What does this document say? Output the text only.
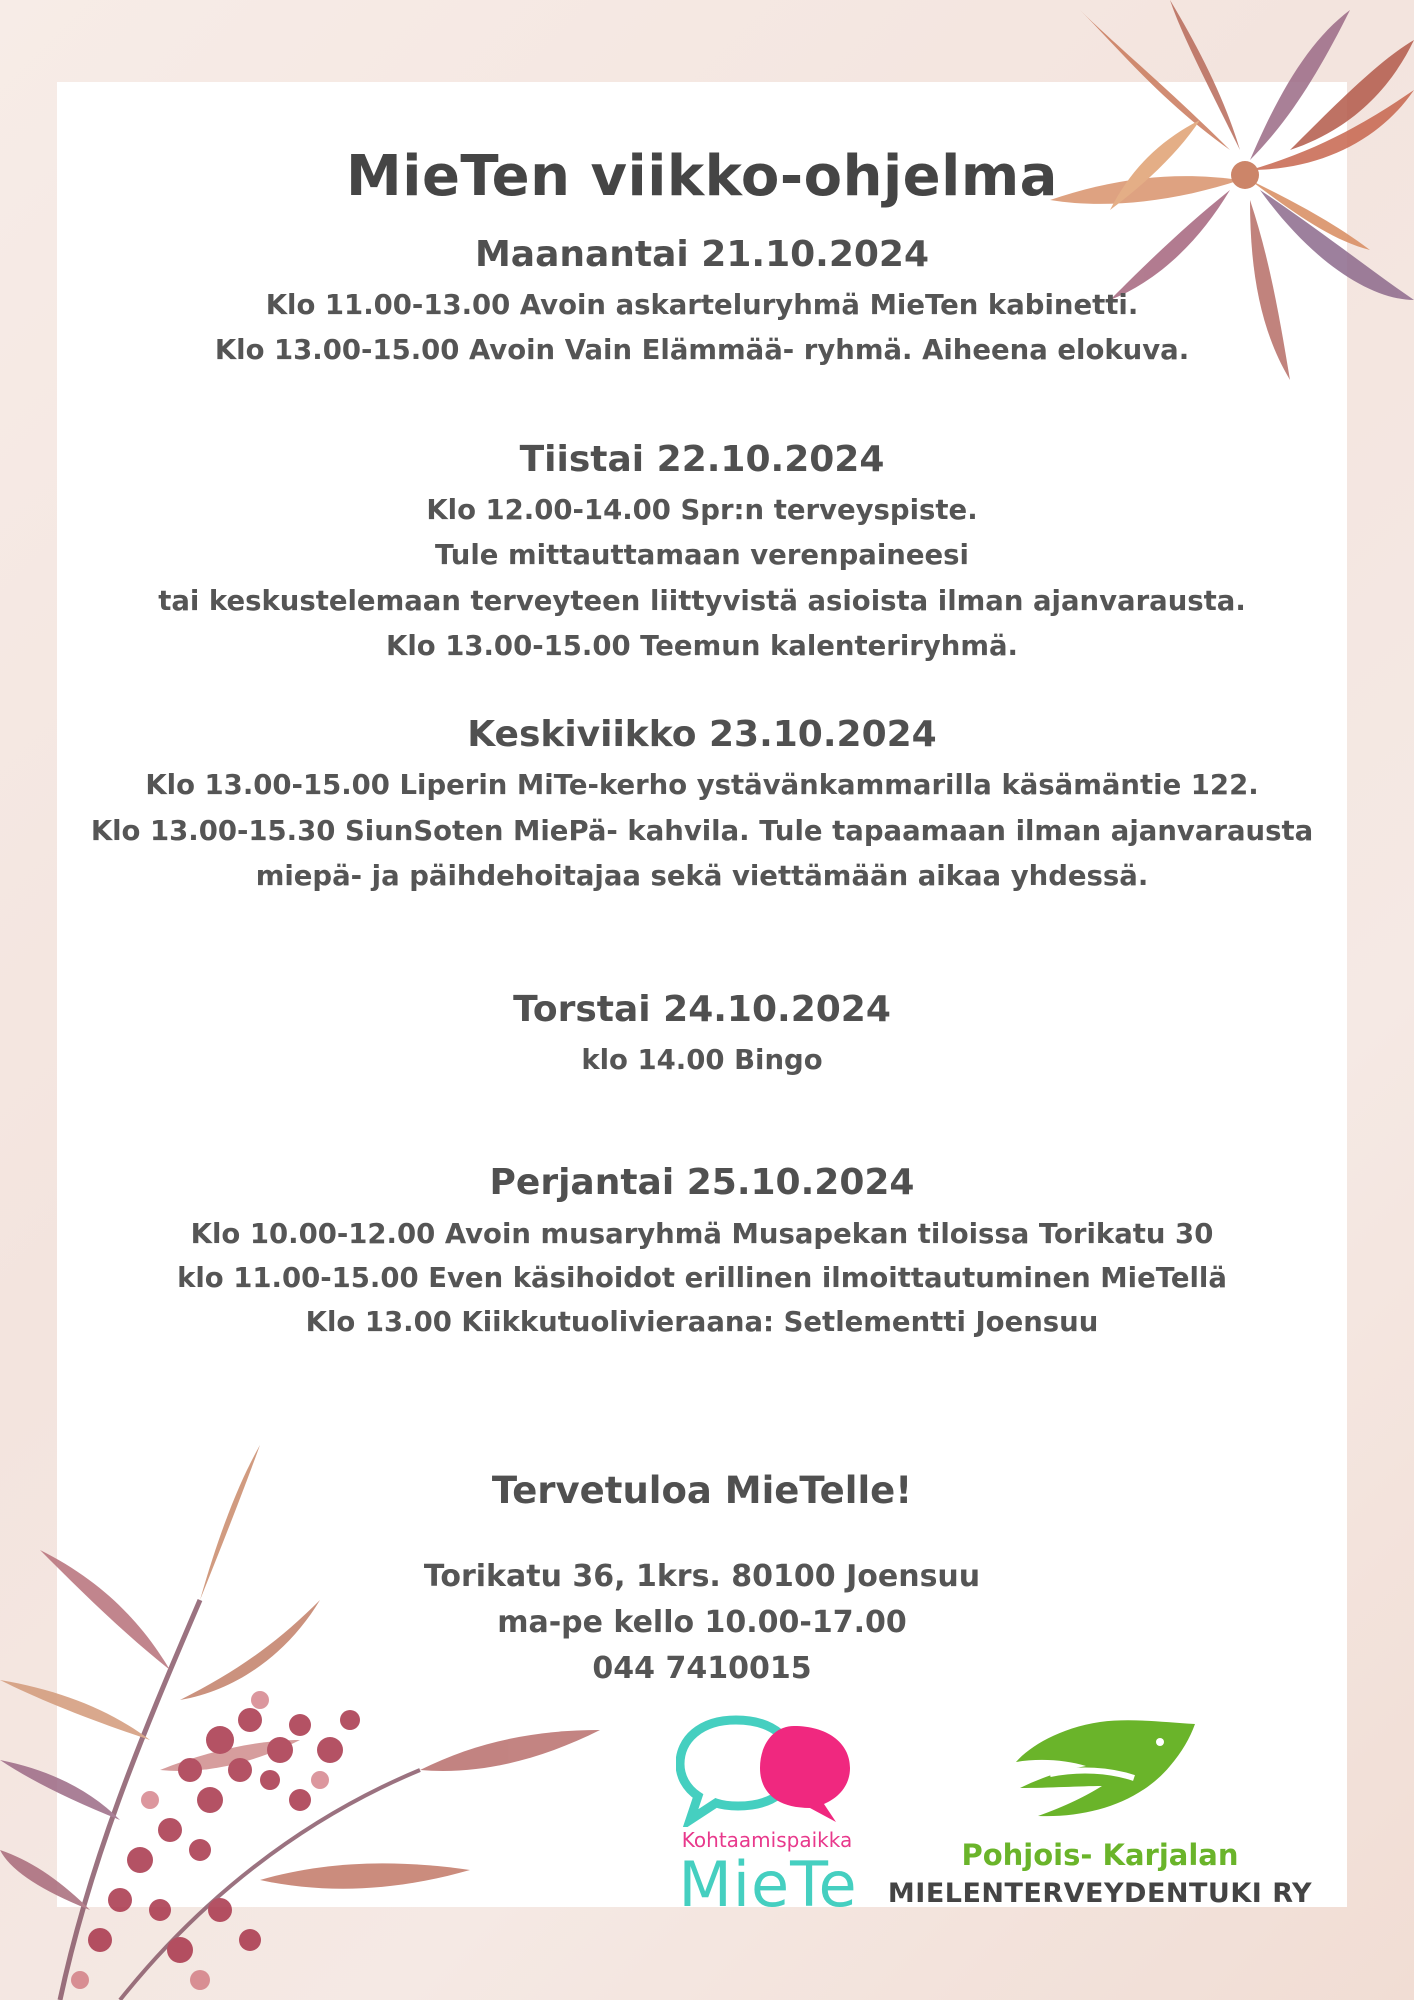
MieTen viikko-ohjelma
Maanantai 21.10.2024
Klo 11.00-13.00 Avoin askarteluryhmä MieTen kabinetti.
Klo 13.00-15.00 Avoin Vain Elämmää- ryhmä. Aiheena elokuva.
Tiistai 22.10.2024
Klo 12.00-14.00 Spr:n terveyspiste.
Tule mittauttamaan verenpaineesi
tai keskustelemaan terveyteen liittyvistä asioista ilman ajanvarausta.
Klo 13.00-15.00 Teemun kalenteriryhmä.
Keskiviikko 23.10.2024
Klo 13.00-15.00 Liperin MiTe-kerho ystävänkammarilla käsämäntie 122.
Klo 13.00-15.30 SiunSoten MiePä- kahvila. Tule tapaamaan ilman ajanvarausta
miepä- ja päihdehoitajaa sekä viettämään aikaa yhdessä.
Torstai 24.10.2024
klo 14.00 Bingo
Perjantai 25.10.2024
Klo 10.00-12.00 Avoin musaryhmä Musapekan tiloissa Torikatu 30
klo 11.00-15.00 Even käsihoidot erillinen ilmoittautuminen MieTellä
Klo 13.00 Kiikkutuolivieraana: Setlementti Joensuu
Tervetuloa MieTelle!
Torikatu 36, 1krs. 80100 Joensuu
ma-pe kello 10.00-17.00
044 7410015
Kohtaamispaikka
MieTe	Pohjois- Karjalan
MIELENTERVEYDENTUKI RY
